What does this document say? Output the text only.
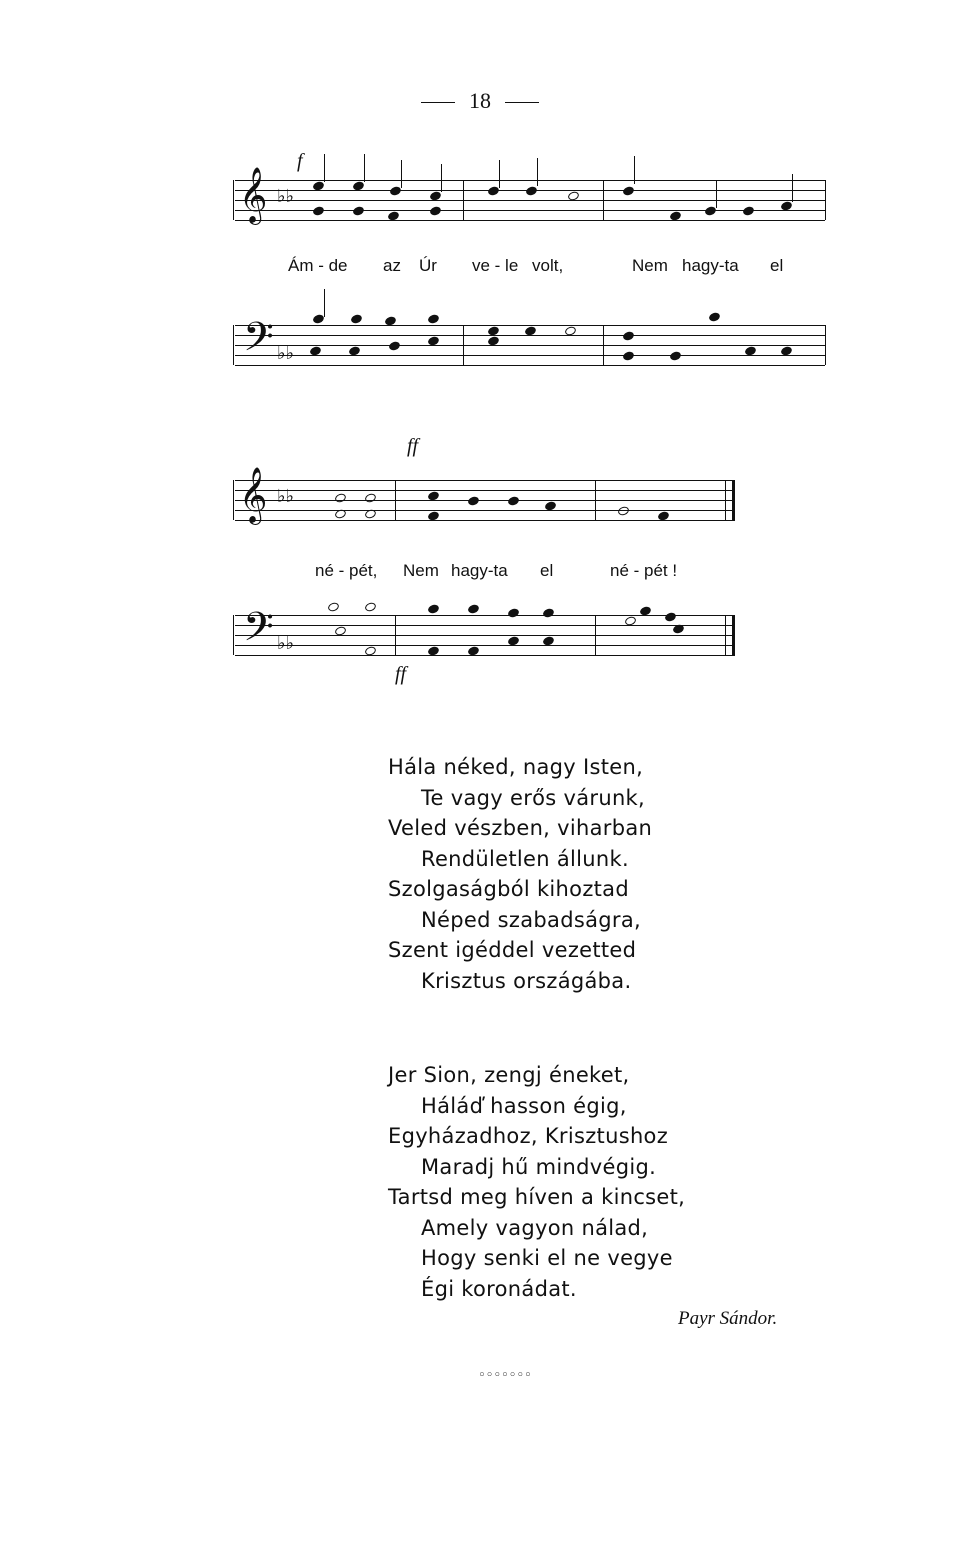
18
f
𝄞 ♭♭
Ám - de az Úr ve - le volt,	Nem hagy-ta el
𝄢 ♭♭
ff
𝄞 ♭♭
né - pét, Nem hagy-ta el	né - pét !
𝄢 ♭♭
ff
Hála néked, nagy Isten,
Te vagy erős várunk,
Veled vészben, viharban
Rendületlen állunk.
Szolgaságból kihoztad
Néped szabadságra,
Szent igéddel vezetted
Krisztus országába.
Jer Sion, zengj éneket,
Háláď hasson égig,
Egyházadhoz, Krisztushoz
Maradj hű mindvégig.
Tartsd meg híven a kincset,
Amely vagyon nálad,
Hogy senki el ne vegye
Égi koronádat.
Payr Sándor.
◦◦◦◦◦◦◦
